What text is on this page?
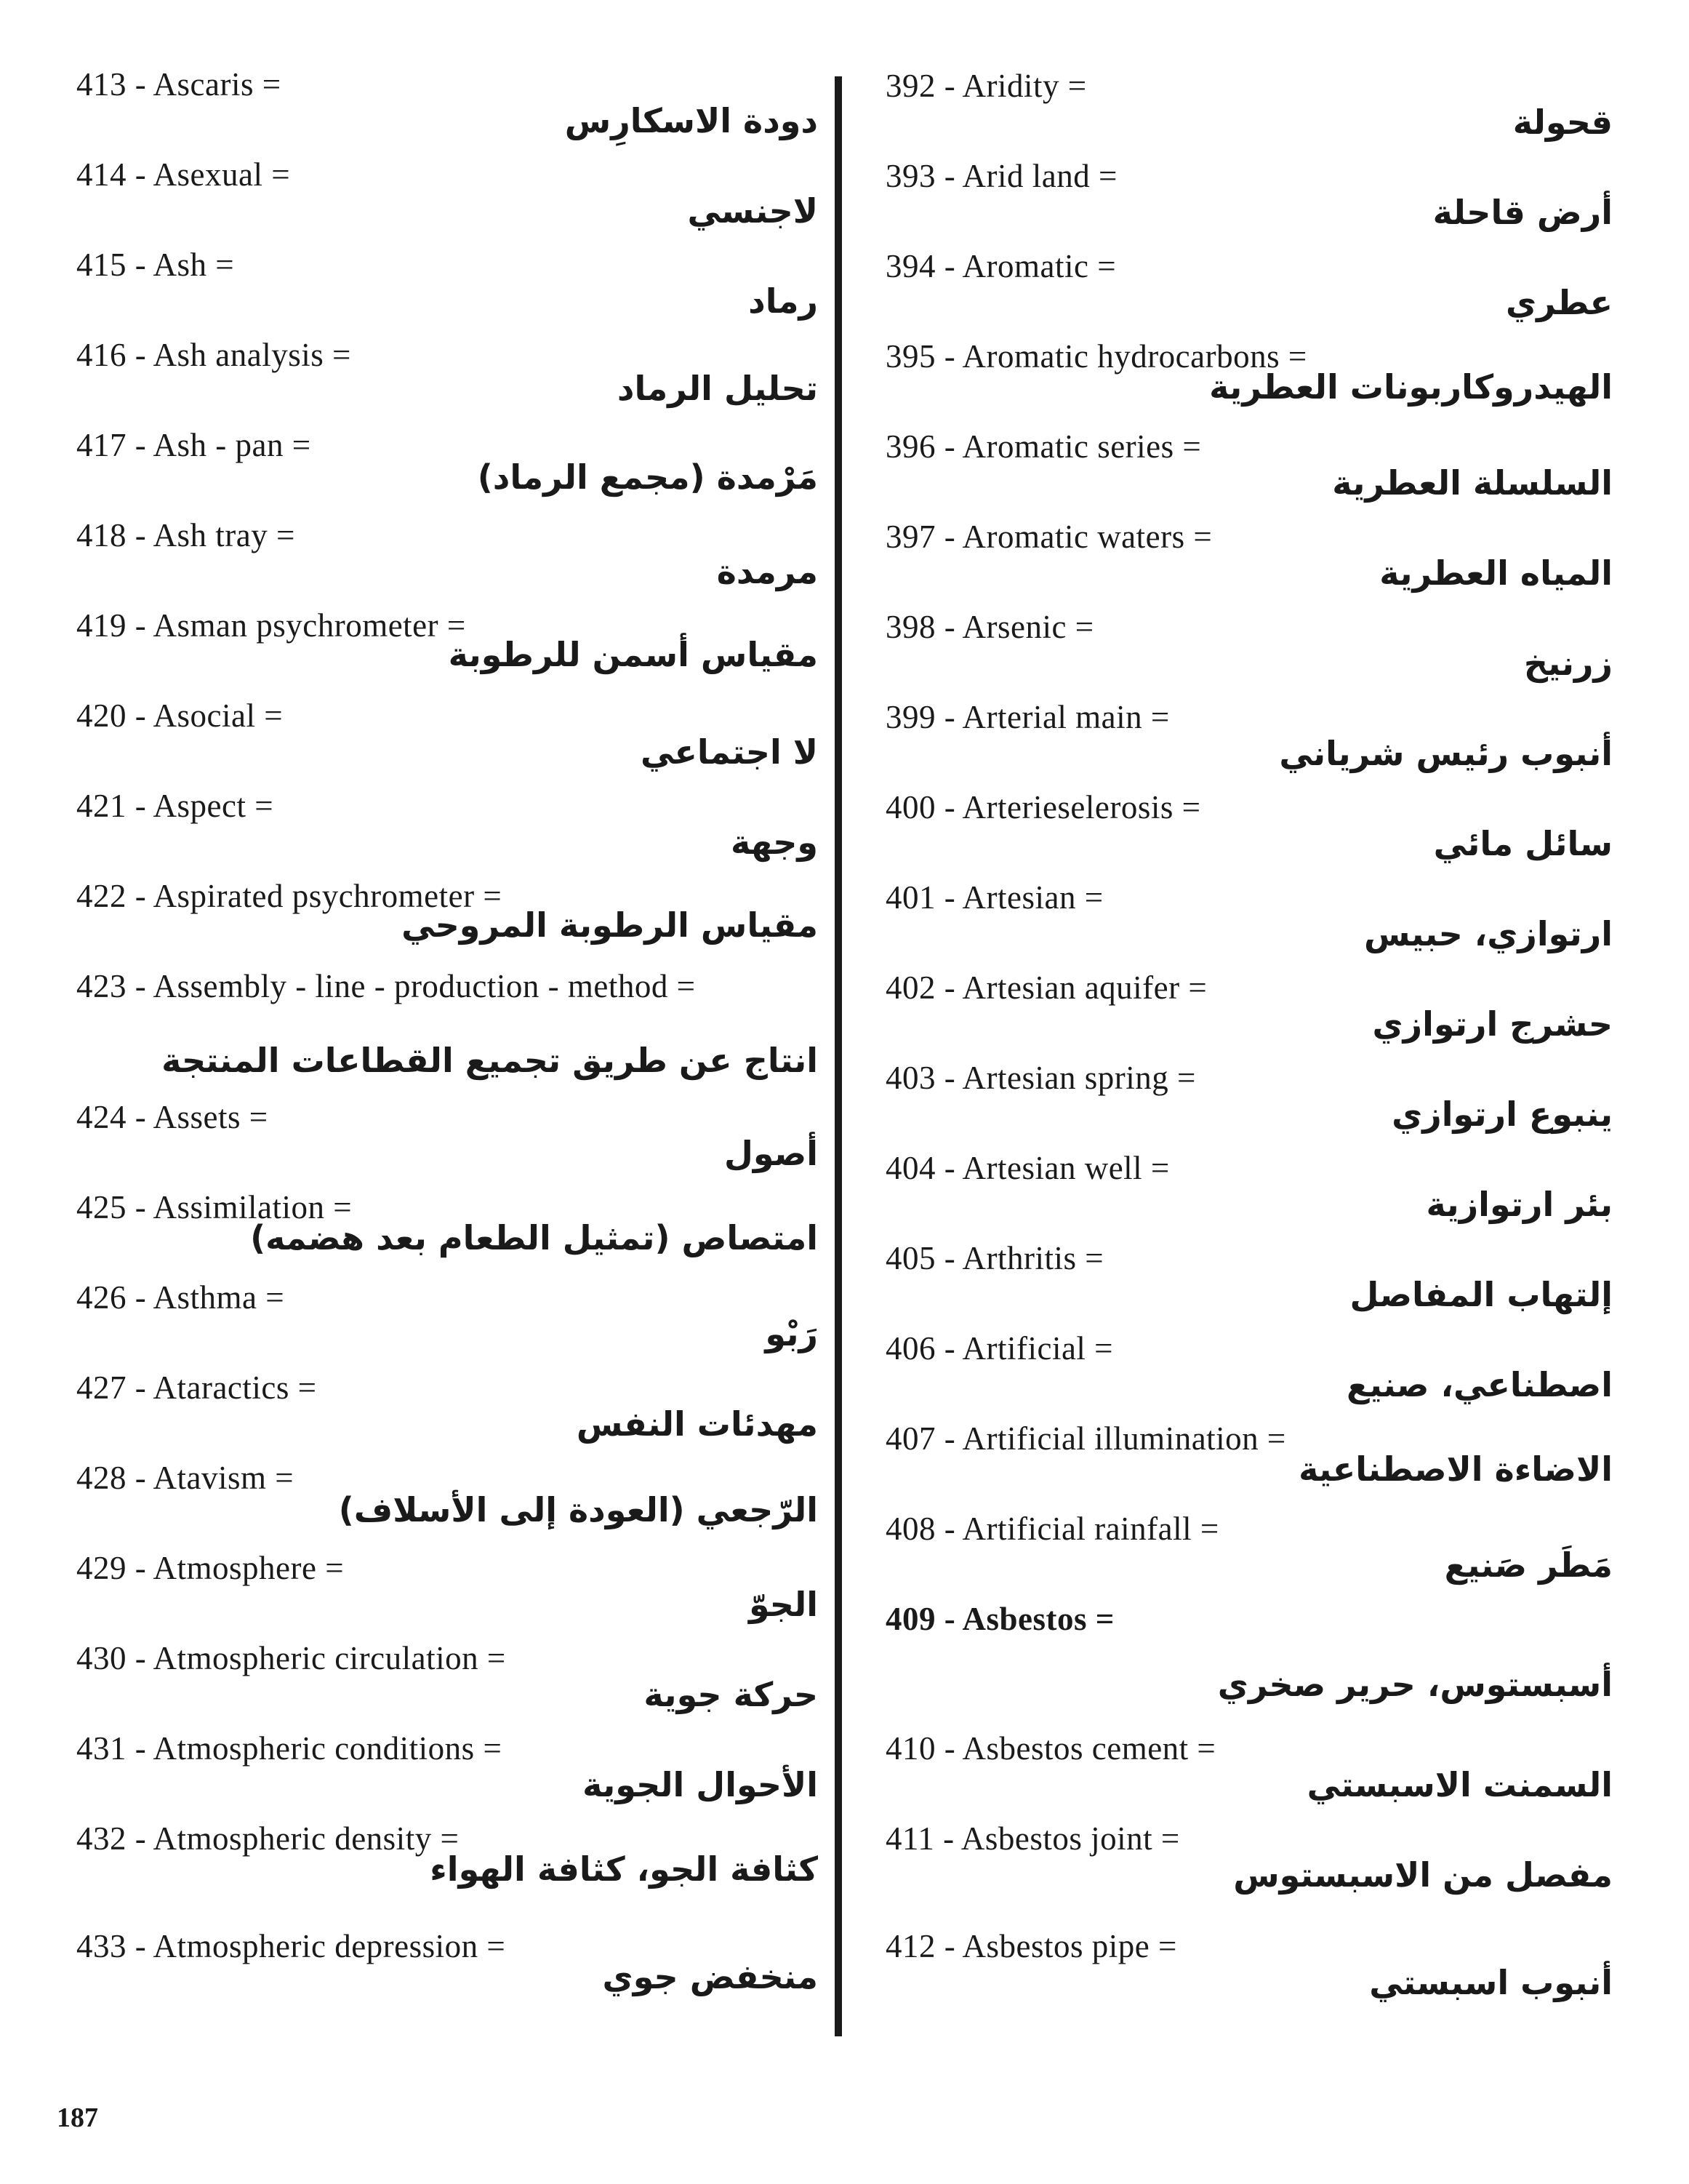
413 - Ascaris =
دودة الاسكارِس
414 - Asexual =
لاجنسي
415 - Ash =
رماد
416 - Ash analysis =
تحليل الرماد
417 - Ash - pan =
مَرْمدة (مجمع الرماد)
418 - Ash tray =
مرمدة
419 - Asman psychrometer =
مقياس أسمن للرطوبة
420 - Asocial =
لا اجتماعي
421 - Aspect =
وجهة
422 - Aspirated psychrometer =
مقياس الرطوبة المروحي
423 - Assembly - line - production - method =
انتاج عن طريق تجميع القطاعات المنتجة
424 - Assets =
أصول
425 - Assimilation =
امتصاص (تمثيل الطعام بعد هضمه)
426 - Asthma =
رَبْو
427 - Ataractics =
مهدئات النفس
428 - Atavism =
الرّجعي (العودة إلى الأسلاف)
429 - Atmosphere =
الجوّ
430 - Atmospheric circulation =
حركة جوية
431 - Atmospheric conditions =
الأحوال الجوية
432 - Atmospheric density =
كثافة الجو، كثافة الهواء
433 - Atmospheric depression =
منخفض جوي
392 - Aridity =
قحولة
393 - Arid land =
أرض قاحلة
394 - Aromatic =
عطري
395 - Aromatic hydrocarbons =
الهيدروكاربونات العطرية
396 - Aromatic series =
السلسلة العطرية
397 - Aromatic waters =
المياه العطرية
398 - Arsenic =
زرنيخ
399 - Arterial main =
أنبوب رئيس شرياني
400 - Arterieselerosis =
سائل مائي
401 - Artesian =
ارتوازي، حبيس
402 - Artesian aquifer =
حشرج ارتوازي
403 - Artesian spring =
ينبوع ارتوازي
404 - Artesian well =
بئر ارتوازية
405 - Arthritis =
إلتهاب المفاصل
406 - Artificial =
اصطناعي، صنيع
407 - Artificial illumination =
الاضاءة الاصطناعية
408 - Artificial rainfall =
مَطَر صَنيع
409 - Asbestos =
أسبستوس، حرير صخري
410 - Asbestos cement =
السمنت الاسبستي
411 - Asbestos joint =
مفصل من الاسبستوس
412 - Asbestos pipe =
أنبوب اسبستي
187
